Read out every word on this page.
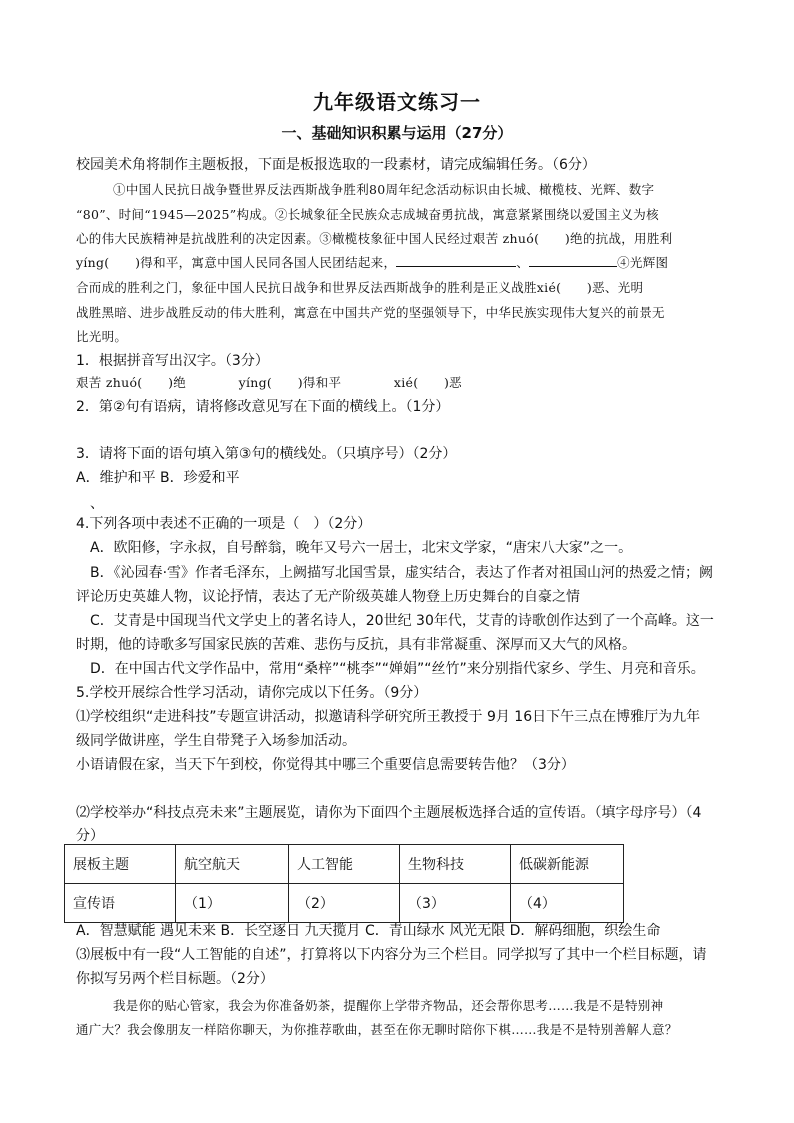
九年级语文练习一
一、基础知识积累与运用（27分）
校园美术角将制作主题板报，下面是板报选取的一段素材，请完成编辑任务。（6分）
①中国人民抗日战争暨世界反法西斯战争胜利80周年纪念活动标识由长城、橄榄枝、光辉、数字
“80”、时间“1945—2025”构成。②长城象征全民族众志成城奋勇抗战，寓意紧紧围绕以爱国主义为核
心的伟大民族精神是抗战胜利的决定因素。③橄榄枝象征中国人民经过艰苦 zhuó(　　)绝的抗战，用胜利
yíng(　　)得和平，寓意中国人民同各国人民团结起来，	、	④光辉图
合而成的胜利之门，象征中国人民抗日战争和世界反法西斯战争的胜利是正义战胜xié(　　)恶、光明
战胜黑暗、进步战胜反动的伟大胜利，寓意在中国共产党的坚强领导下，中华民族实现伟大复兴的前景无
比光明。
1．根据拼音写出汉字。（3分）
艰苦 zhuó(　　)绝	yíng(　　)得和平	xié(　　)恶
2．第②句有语病，请将修改意见写在下面的横线上。（1分）
3．请将下面的语句填入第③句的横线处。（只填序号）（2分）
A．维护和平 B．珍爱和平
、
4.下列各项中表述不正确的一项是（　）（2分）
A．欧阳修，字永叔，自号醉翁，晚年又号六一居士，北宋文学家，“唐宋八大家”之一。
B．《沁园春·雪》作者毛泽东，上阙描写北国雪景，虚实结合，表达了作者对祖国山河的热爱之情；阙
评论历史英雄人物，议论抒情，表达了无产阶级英雄人物登上历史舞台的自豪之情
C．艾青是中国现当代文学史上的著名诗人，20世纪 30年代，艾青的诗歌创作达到了一个高峰。这一
时期，他的诗歌多写国家民族的苦难、悲伤与反抗，具有非常凝重、深厚而又大气的风格。
D．在中国古代文学作品中，常用“桑梓”“桃李”“婵娟”“丝竹”来分别指代家乡、学生、月亮和音乐。
5.学校开展综合性学习活动，请你完成以下任务。（9分）
⑴学校组织“走进科技”专题宣讲活动，拟邀请科学研究所王教授于 9月 16日下午三点在博雅厅为九年
级同学做讲座，学生自带凳子入场参加活动。
小语请假在家，当天下午到校，你觉得其中哪三个重要信息需要转告他？（3分）
⑵学校举办“科技点亮未来”主题展览，请你为下面四个主题展板选择合适的宣传语。（填字母序号）（4
分）
展板主题	航空航天	人工智能	生物科技	低碳新能源
宣传语	（1）	（2）	（3）	（4）
A．智慧赋能 遇见未来 B．长空逐日 九天揽月 C．青山绿水 风光无限 D．解码细胞，织绘生命
⑶展板中有一段“人工智能的自述”，打算将以下内容分为三个栏目。同学拟写了其中一个栏目标题，请
你拟写另两个栏目标题。（2分）
我是你的贴心管家，我会为你准备奶茶，提醒你上学带齐物品，还会帮你思考……我是不是特别神
通广大？我会像朋友一样陪你聊天，为你推荐歌曲，甚至在你无聊时陪你下棋……我是不是特别善解人意？
